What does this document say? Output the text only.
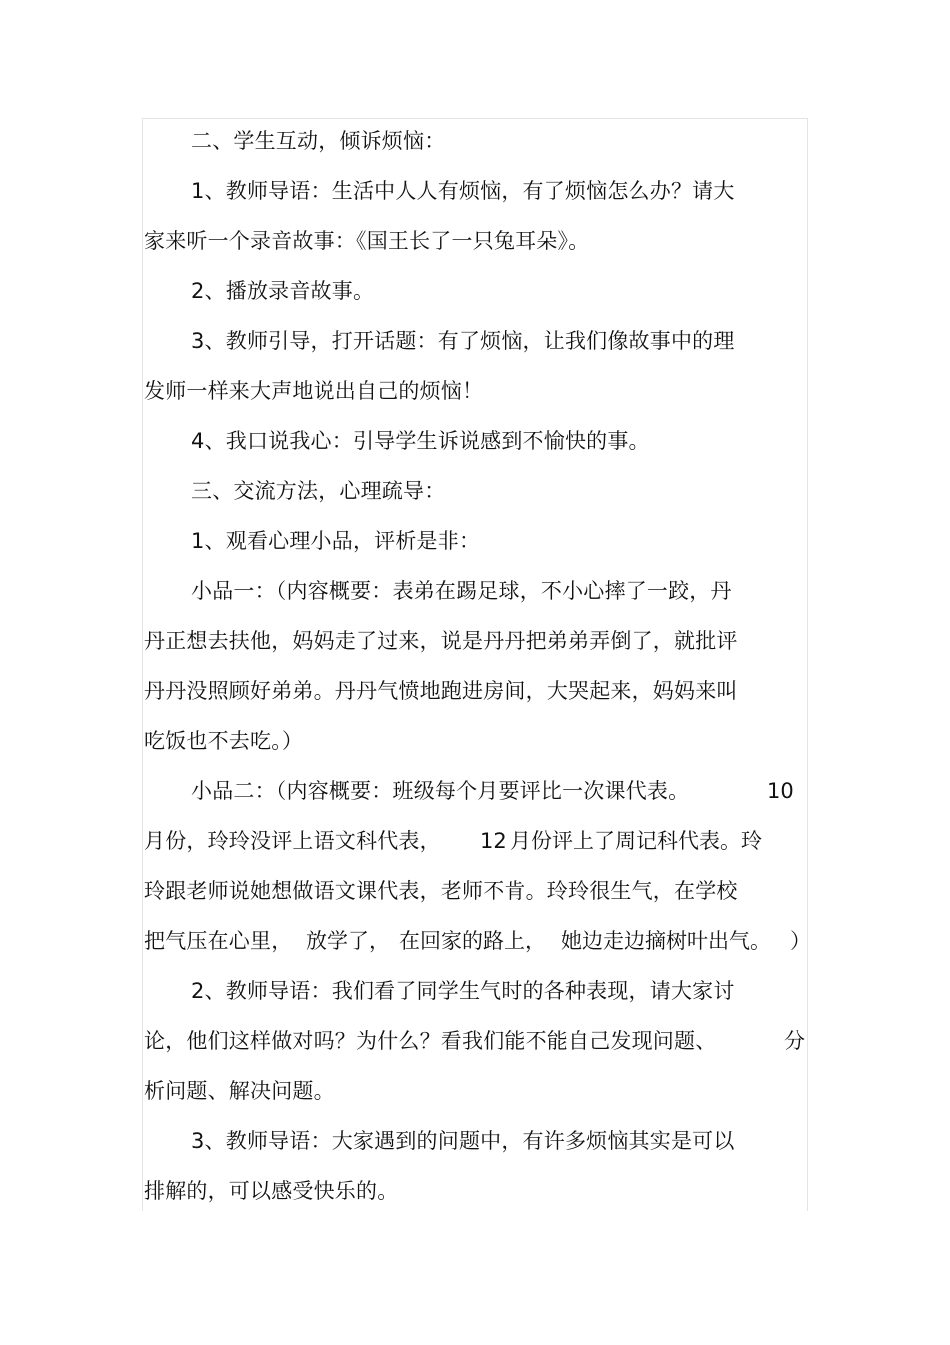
二、学生互动，倾诉烦恼：
1、教师导语：生活中人人有烦恼，有了烦恼怎么办？请大
家来听一个录音故事：《国王长了一只兔耳朵》。
2、播放录音故事。
3、教师引导，打开话题：有了烦恼，让我们像故事中的理
发师一样来大声地说出自己的烦恼！
4、我口说我心：引导学生诉说感到不愉快的事。
三、交流方法，心理疏导：
1、观看心理小品，评析是非：
小品一：（内容概要：表弟在踢足球，不小心摔了一跤，丹
丹正想去扶他，妈妈走了过来，说是丹丹把弟弟弄倒了，就批评
丹丹没照顾好弟弟。丹丹气愤地跑进房间，大哭起来，妈妈来叫
吃饭也不去吃。）
小品二：（内容概要：班级每个月要评比一次课代表。	10
月份，玲玲没评上语文科代表， 12 月份评上了周记科代表。玲
玲跟老师说她想做语文课代表，老师不肯。玲玲很生气，在学校
把气压在心里， 放学了， 在回家的路上， 她边走边摘树叶出气。 ）
2、教师导语：我们看了同学生气时的各种表现，请大家讨
论，他们这样做对吗？为什么？看我们能不能自己发现问题、	分
析问题、解决问题。
3、教师导语：大家遇到的问题中，有许多烦恼其实是可以
排解的，可以感受快乐的。
